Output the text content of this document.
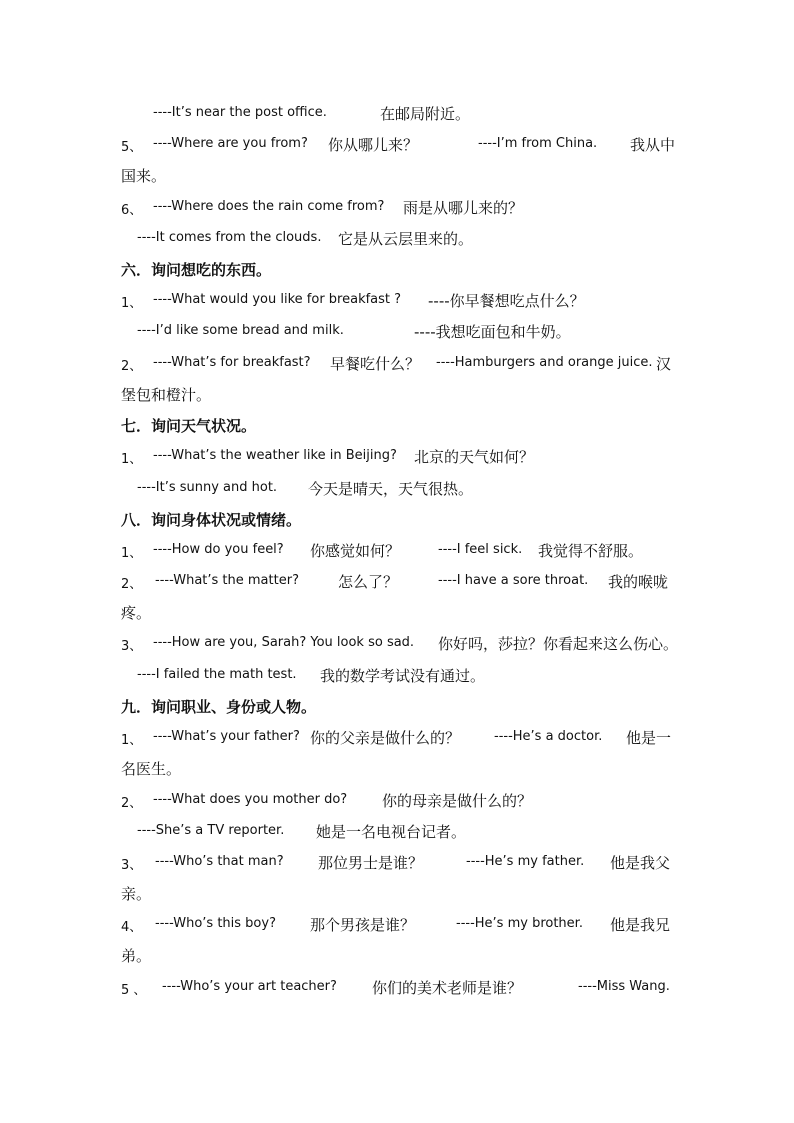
----It’s near the post office.	在邮局附近。
5、 ----Where are you from? 你从哪儿来？	----I’m from China. 我从中
国来。
6、 ----Where does the rain come from? 雨是从哪儿来的？
----It comes from the clouds. 它是从云层里来的。
六．询问想吃的东西。
1、 ----What would you like for breakfast ? ----你早餐想吃点什么？
----I’d like some bread and milk.	----我想吃面包和牛奶。
2、 ----What’s for breakfast? 早餐吃什么？ ----Hamburgers and orange juice. 汉
堡包和橙汁。
七．询问天气状况。
1、 ----What’s the weather like in Beijing? 北京的天气如何？
----It’s sunny and hot. 今天是晴天，天气很热。
八．询问身体状况或情绪。
1、 ----How do you feel? 你感觉如何？	----I feel sick. 我觉得不舒服。
2、 ----What’s the matter?	怎么了？	----I have a sore throat. 我的喉咙
疼。
3、 ----How are you, Sarah? You look so sad. 你好吗，莎拉？你看起来这么伤心。
----I failed the math test. 我的数学考试没有通过。
九．询问职业、身份或人物。
1、 ----What’s your father? 你的父亲是做什么的？	----He’s a doctor. 他是一
名医生。
2、 ----What does you mother do? 你的母亲是做什么的？
----She’s a TV reporter. 她是一名电视台记者。
3、 ----Who’s that man? 那位男士是谁？	----He’s my father. 他是我父
亲。
4、 ----Who’s this boy? 那个男孩是谁？	----He’s my brother. 他是我兄
弟。
5 、 ----Who’s your art teacher? 你们的美术老师是谁？	----Miss Wang.
